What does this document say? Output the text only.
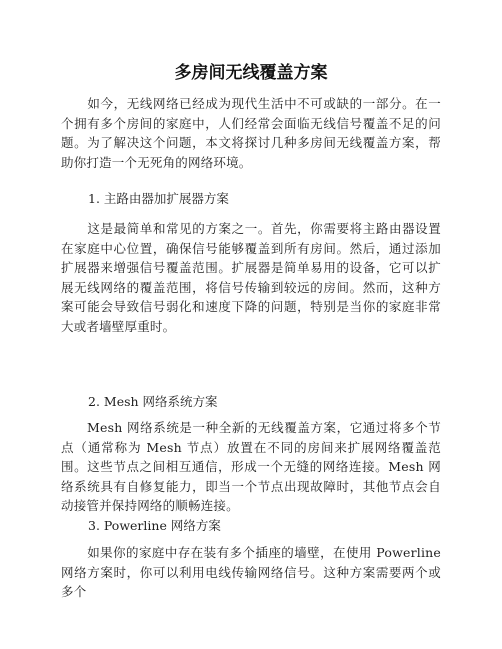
多房间无线覆盖方案
如今，无线网络已经成为现代生活中不可或缺的一部分。在一个拥有多个房间的家庭中，人们经常会面临无线信号覆盖不足的问题。为了解决这个问题，本文将探讨几种多房间无线覆盖方案，帮助你打造一个无死角的网络环境。
1. 主路由器加扩展器方案
这是最简单和常见的方案之一。首先，你需要将主路由器设置在家庭中心位置，确保信号能够覆盖到所有房间。然后，通过添加扩展器来增强信号覆盖范围。扩展器是简单易用的设备，它可以扩展无线网络的覆盖范围，将信号传输到较远的房间。然而，这种方案可能会导致信号弱化和速度下降的问题，特别是当你的家庭非常大或者墙壁厚重时。
2. Mesh 网络系统方案
Mesh 网络系统是一种全新的无线覆盖方案，它通过将多个节点（通常称为 Mesh 节点）放置在不同的房间来扩展网络覆盖范围。这些节点之间相互通信，形成一个无缝的网络连接。Mesh 网络系统具有自修复能力，即当一个节点出现故障时，其他节点会自动接管并保持网络的顺畅连接。
3. Powerline 网络方案
如果你的家庭中存在装有多个插座的墙壁，在使用 Powerline 网络方案时，你可以利用电线传输网络信号。这种方案需要两个或多个
